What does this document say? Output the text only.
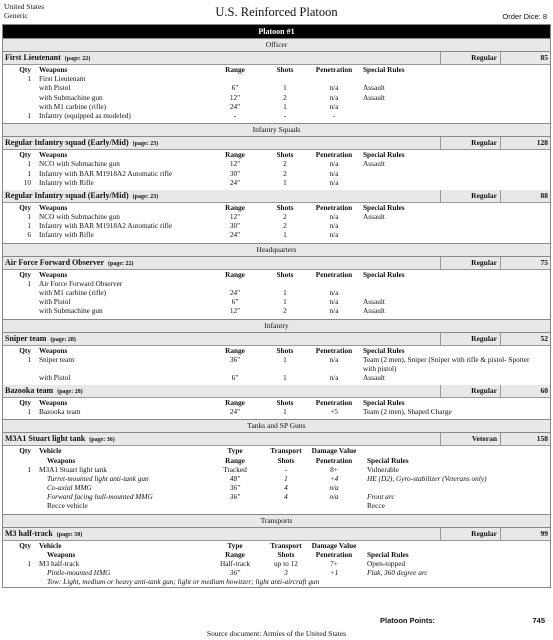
United States
Generic	U.S. Reinforced Platoon	Order Dice: 8
Platoon #1
Officer
First Lieutenant (page: 22)	Regular	85
Qty Weapons	Range	Shots	Penetration	Special Rules
1 First Lieutenant
with Pistol	6"	1	n/a	Assault
with Submachine gun	12"	2	n/a	Assault
with M1 carbine (rifle)	24"	1	n/a
1 Infantry (equipped as modeled)	-	-	-
Infantry Squads
Regular Infantry squad (Early/Mid) (page: 23)	Regular	128
Qty Weapons	Range	Shots	Penetration	Special Rules
1 NCO with Submachine gun	12"	2	n/a	Assault
1 Infantry with BAR M1918A2 Automatic rifle	30"	2	n/a
10 Infantry with Rifle	24"	1	n/a
Regular Infantry squad (Early/Mid) (page: 23)	Regular	88
Qty Weapons	Range	Shots	Penetration	Special Rules
1 NCO with Submachine gun	12"	2	n/a	Assault
1 Infantry with BAR M1918A2 Automatic rifle	30"	2	n/a
6 Infantry with Rifle	24"	1	n/a
Headquarters
Air Force Forward Observer (page: 22)	Regular	75
Qty Weapons	Range	Shots	Penetration	Special Rules
1 Air Force Forward Observer
with M1 carbine (rifle)	24"	1	n/a
with Pistol	6"	1	n/a	Assault
with Submachine gun	12"	2	n/a	Assault
Infantry
Sniper team (page: 28)	Regular	52
Qty Weapons	Range	Shots	Penetration	Special Rules
1 Sniper team	36"	1	n/a	Team (2 men), Sniper (Sniper with rifle & pistol- Spotter with pistol)
with Pistol	6"	1	n/a	Assault
Bazooka team (page: 28)	Regular	60
Qty Weapons	Range	Shots	Penetration	Special Rules
1 Bazooka team	24"	1	+5	Team (2 men), Shaped Charge
Tanks and SP Guns
M3A1 Stuart light tank (page: 36)	Veteran	158
Qty Vehicle	Type	Transport	Damage Value
Weapons	Range	Shots	Penetration	Special Rules
1 M3A1 Stuart light tank	Tracked	-	8+	Vulnerable
Turret-mounted light anti-tank gun	48"	1	+4	HE (D2), Gyro-stabilizer (Veterans only)
Co-axial MMG	36"	4	n/a
Forward facing hull-mounted MMG	36"	4	n/a	Front arc
Recce vehicle	Recce
Transports
M3 half-track (page: 50)	Regular	99
Qty Vehicle	Type	Transport	Damage Value
Weapons	Range	Shots	Penetration	Special Rules
1 M3 half-track	Half-track	up to 12	7+	Open-topped
Pintle-mounted HMG	36"	3	+1	Flak, 360 degree arc
Tow: Light, medium or heavy anti-tank gun; light or medium howitzer; light anti-aircraft gun
Platoon Points:	745
Source document: Armies of the United States
